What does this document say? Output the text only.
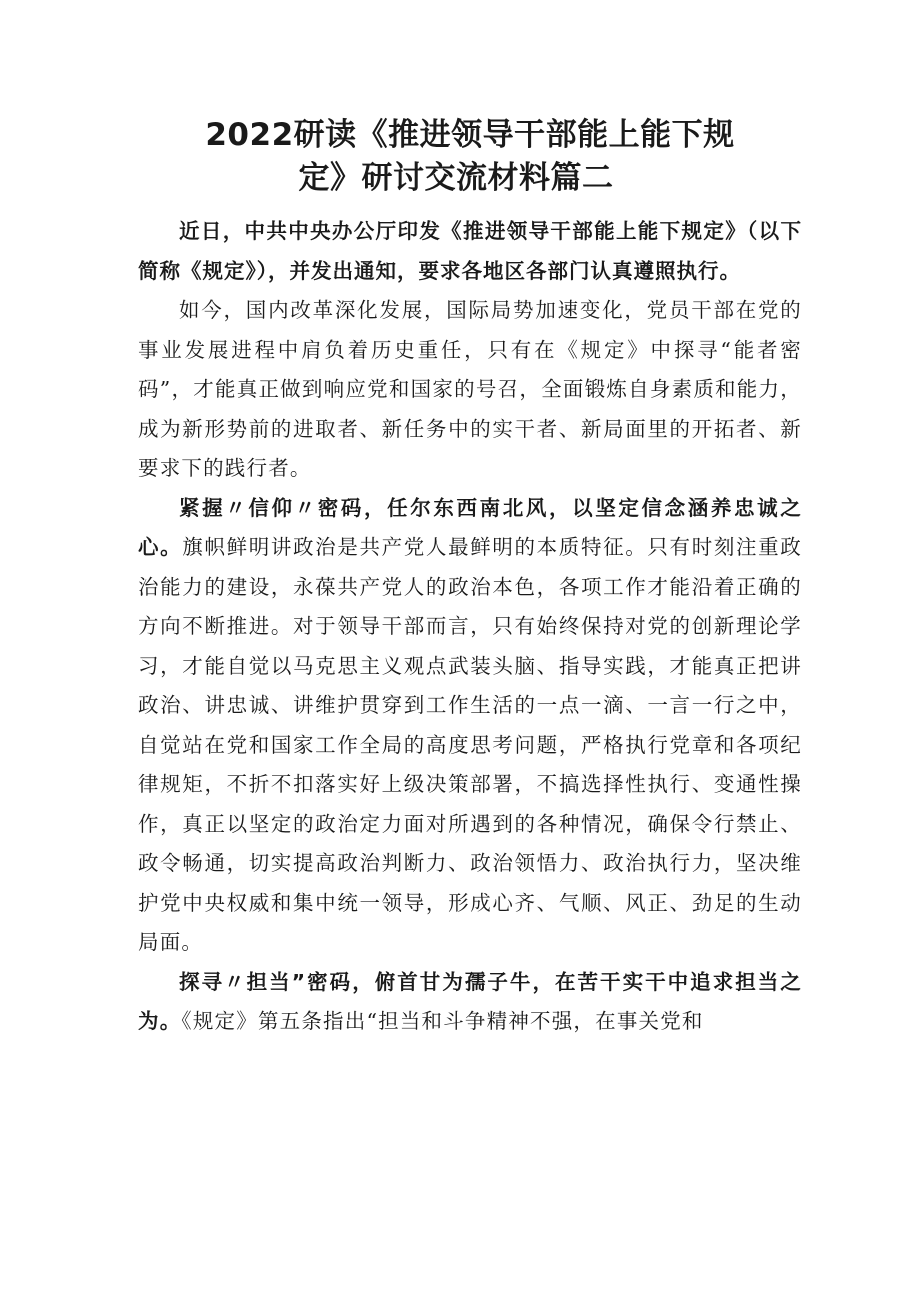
2022研读《推进领导干部能上能下规
定》研讨交流材料篇二

近日，中共中央办公厅印发《推进领导干部能上能下规定》（以下简称《规定》），并发出通知，要求各地区各部门认真遵照执行。

如今，国内改革深化发展，国际局势加速变化，党员干部在党的事业发展进程中肩负着历史重任，只有在《规定》中探寻“能者密码”，才能真正做到响应党和国家的号召，全面锻炼自身素质和能力，成为新形势前的进取者、新任务中的实干者、新局面里的开拓者、新要求下的践行者。

紧握〃信仰〃密码，任尔东西南北风，以坚定信念涵养忠诚之心。旗帜鲜明讲政治是共产党人最鲜明的本质特征。只有时刻注重政治能力的建设，永葆共产党人的政治本色，各项工作才能沿着正确的方向不断推进。对于领导干部而言，只有始终保持对党的创新理论学习，才能自觉以马克思主义观点武装头脑、指导实践，才能真正把讲政治、讲忠诚、讲维护贯穿到工作生活的一点一滴、一言一行之中，自觉站在党和国家工作全局的高度思考问题，严格执行党章和各项纪律规矩，不折不扣落实好上级决策部署，不搞选择性执行、变通性操作，真正以坚定的政治定力面对所遇到的各种情况，确保令行禁止、政令畅通，切实提高政治判断力、政治领悟力、政治执行力，坚决维护党中央权威和集中统一领导，形成心齐、气顺、风正、劲足的生动局面。

探寻〃担当”密码，俯首甘为孺子牛，在苦干实干中追求担当之为。《规定》第五条指出“担当和斗争精神不强，在事关党和
